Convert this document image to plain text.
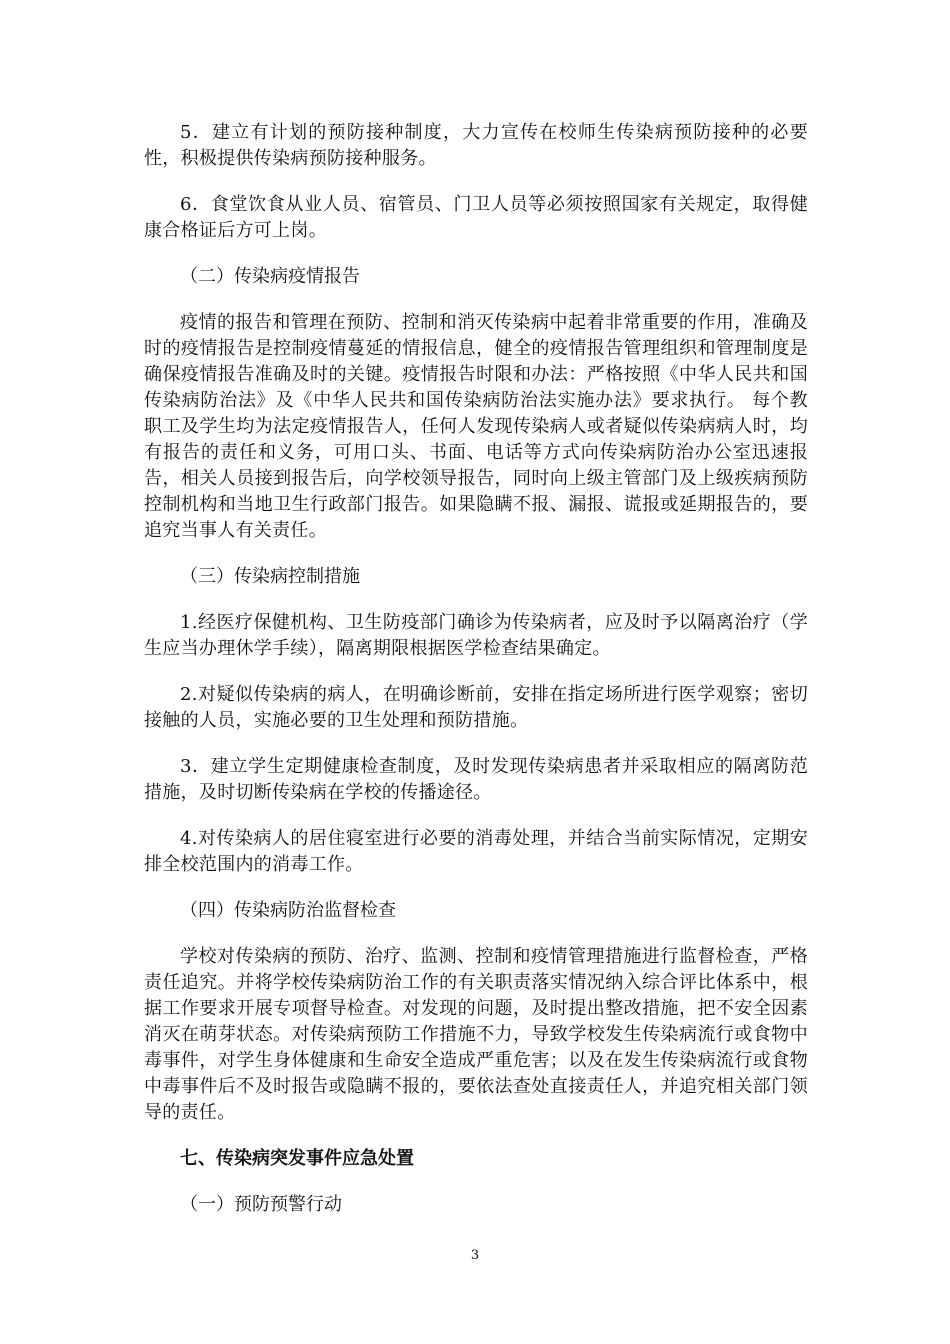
5．建立有计划的预防接种制度，大力宣传在校师生传染病预防接种的必要性，积极提供传染病预防接种服务。

6．食堂饮食从业人员、宿管员、门卫人员等必须按照国家有关规定，取得健康合格证后方可上岗。

（二）传染病疫情报告

疫情的报告和管理在预防、控制和消灭传染病中起着非常重要的作用，准确及时的疫情报告是控制疫情蔓延的情报信息，健全的疫情报告管理组织和管理制度是确保疫情报告准确及时的关键。疫情报告时限和办法：严格按照《中华人民共和国传染病防治法》及《中华人民共和国传染病防治法实施办法》要求执行。 每个教职工及学生均为法定疫情报告人，任何人发现传染病人或者疑似传染病病人时，均有报告的责任和义务，可用口头、书面、电话等方式向传染病防治办公室迅速报告，相关人员接到报告后，向学校领导报告，同时向上级主管部门及上级疾病预防控制机构和当地卫生行政部门报告。如果隐瞒不报、漏报、谎报或延期报告的，要追究当事人有关责任。

（三）传染病控制措施

1.经医疗保健机构、卫生防疫部门确诊为传染病者，应及时予以隔离治疗（学生应当办理休学手续），隔离期限根据医学检查结果确定。

2.对疑似传染病的病人，在明确诊断前，安排在指定场所进行医学观察；密切接触的人员，实施必要的卫生处理和预防措施。

3．建立学生定期健康检查制度，及时发现传染病患者并采取相应的隔离防范措施，及时切断传染病在学校的传播途径。

4.对传染病人的居住寝室进行必要的消毒处理，并结合当前实际情况，定期安排全校范围内的消毒工作。

（四）传染病防治监督检查

学校对传染病的预防、治疗、监测、控制和疫情管理措施进行监督检查，严格责任追究。并将学校传染病防治工作的有关职责落实情况纳入综合评比体系中，根据工作要求开展专项督导检查。对发现的问题，及时提出整改措施，把不安全因素消灭在萌芽状态。对传染病预防工作措施不力，导致学校发生传染病流行或食物中毒事件，对学生身体健康和生命安全造成严重危害；以及在发生传染病流行或食物中毒事件后不及时报告或隐瞒不报的，要依法查处直接责任人，并追究相关部门领导的责任。

七、传染病突发事件应急处置

（一）预防预警行动

3
